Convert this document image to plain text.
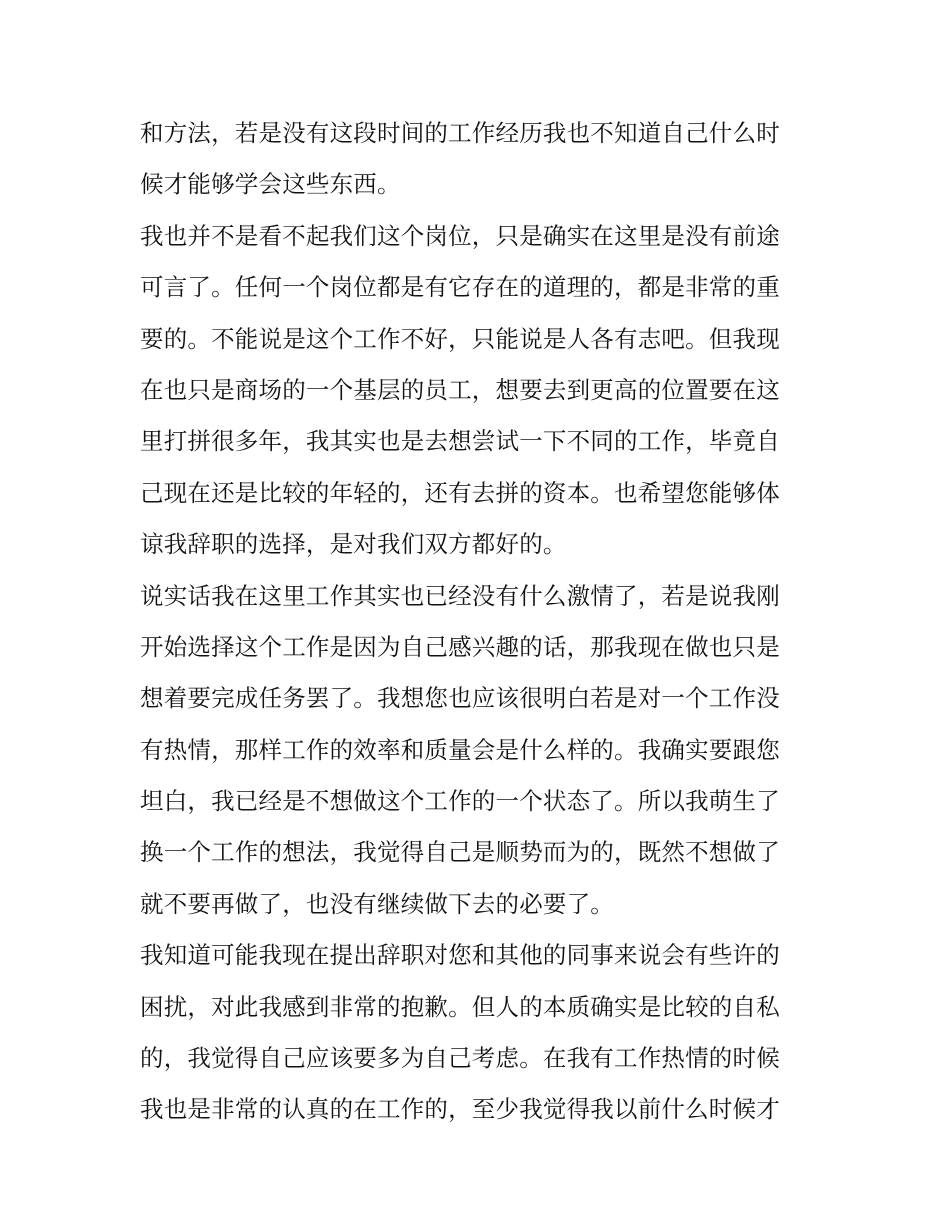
和方法，若是没有这段时间的工作经历我也不知道自己什么时
候才能够学会这些东西。
我也并不是看不起我们这个岗位，只是确实在这里是没有前途
可言了。任何一个岗位都是有它存在的道理的，都是非常的重
要的。不能说是这个工作不好，只能说是人各有志吧。但我现
在也只是商场的一个基层的员工，想要去到更高的位置要在这
里打拼很多年，我其实也是去想尝试一下不同的工作，毕竟自
己现在还是比较的年轻的，还有去拼的资本。也希望您能够体
谅我辞职的选择，是对我们双方都好的。
说实话我在这里工作其实也已经没有什么激情了，若是说我刚
开始选择这个工作是因为自己感兴趣的话，那我现在做也只是
想着要完成任务罢了。我想您也应该很明白若是对一个工作没
有热情，那样工作的效率和质量会是什么样的。我确实要跟您
坦白，我已经是不想做这个工作的一个状态了。所以我萌生了
换一个工作的想法，我觉得自己是顺势而为的，既然不想做了
就不要再做了，也没有继续做下去的必要了。
我知道可能我现在提出辞职对您和其他的同事来说会有些许的
困扰，对此我感到非常的抱歉。但人的本质确实是比较的自私
的，我觉得自己应该要多为自己考虑。在我有工作热情的时候
我也是非常的认真的在工作的，至少我觉得我以前什么时候才
